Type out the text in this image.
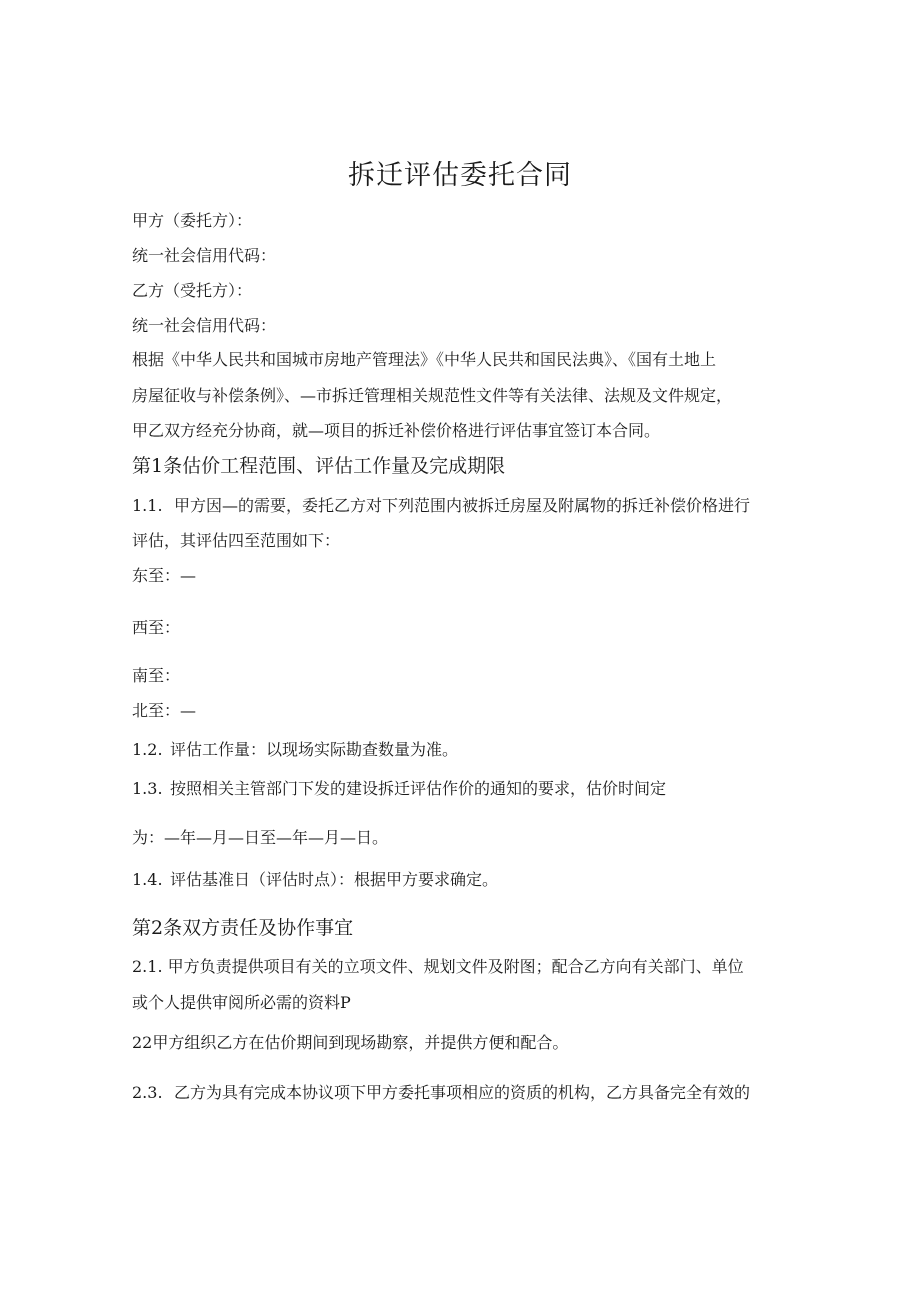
拆迁评估委托合同

甲方（委托方）：

统一社会信用代码：

乙方（受托方）：

统一社会信用代码：

根据《中华人民共和国城市房地产管理法》《中华人民共和国民法典》、《国有土地上

房屋征收与补偿条例》、—市拆迁管理相关规范性文件等有关法律、法规及文件规定，

甲乙双方经充分协商，就—项目的拆迁补偿价格进行评估事宜签订本合同。

第1条估价工程范围、评估工作量及完成期限

1.1. 甲方因—的需要，委托乙方对下列范围内被拆迁房屋及附属物的拆迁补偿价格进行

评估，其评估四至范围如下：

东至：—

西至：

南至：

北至：—

1.2. 评估工作量：以现场实际勘查数量为准。

1.3. 按照相关主管部门下发的建设拆迁评估作价的通知的要求，估价时间定

为：—年—月—日至—年—月—日。

1.4. 评估基准日（评估时点）：根据甲方要求确定。

第2条双方责任及协作事宜

2.1. 甲方负责提供项目有关的立项文件、规划文件及附图；配合乙方向有关部门、单位

或个人提供审阅所必需的资料P

22甲方组织乙方在估价期间到现场勘察，并提供方便和配合。

2.3. 乙方为具有完成本协议项下甲方委托事项相应的资质的机构，乙方具备完全有效的
